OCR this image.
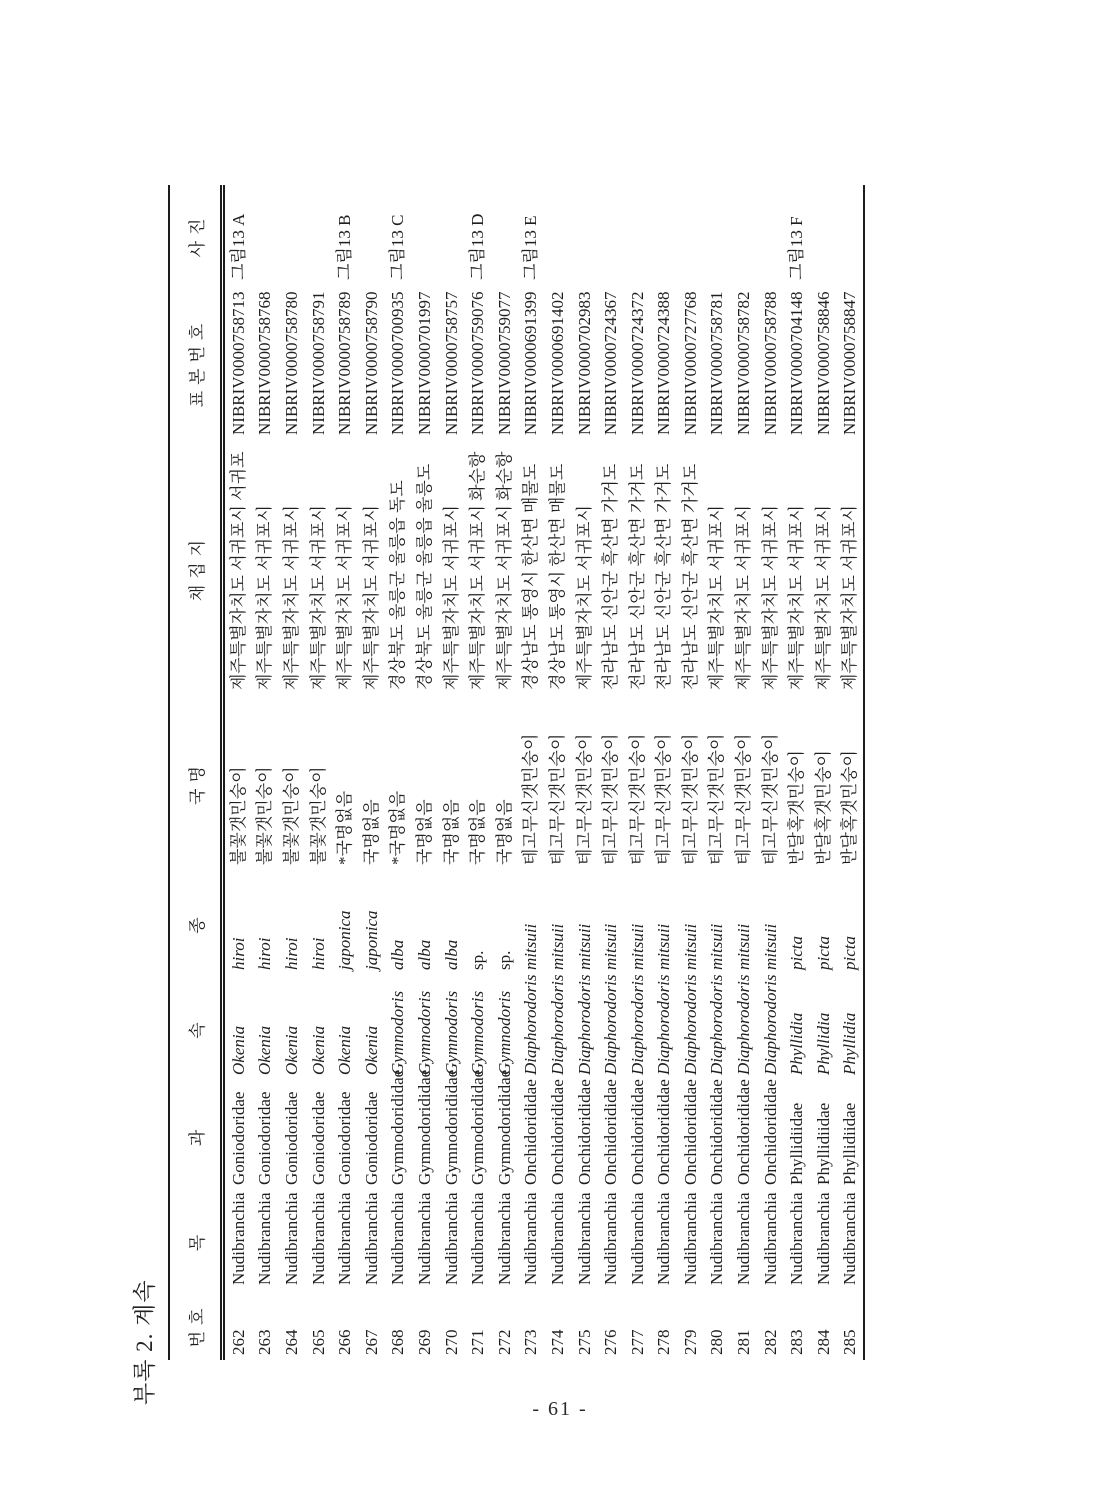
부록 2. 계속 번호	목	과	속	종	국명	채집지	표본번호	사진
262	Nudibranchia	Goniodoridae	Okenia	hiroi	불꽃갯민숭이	제주특별자치도 서귀포시 서귀포	NIBRIV0000758713	그림13 A
263	Nudibranchia	Goniodoridae	Okenia	hiroi	불꽃갯민숭이	제주특별자치도 서귀포시	NIBRIV0000758768	
264	Nudibranchia	Goniodoridae	Okenia	hiroi	불꽃갯민숭이	제주특별자치도 서귀포시	NIBRIV0000758780	
265	Nudibranchia	Goniodoridae	Okenia	hiroi	불꽃갯민숭이	제주특별자치도 서귀포시	NIBRIV0000758791	
266	Nudibranchia	Goniodoridae	Okenia	japonica	*국명없음	제주특별자치도 서귀포시	NIBRIV0000758789	그림13 B
267	Nudibranchia	Goniodoridae	Okenia	japonica	국명없음	제주특별자치도 서귀포시	NIBRIV0000758790	
268	Nudibranchia	Gymnodorididae	Gymnodoris	alba	*국명없음	경상북도 울릉군 울릉읍 독도	NIBRIV0000700935	그림13 C
269	Nudibranchia	Gymnodorididae	Gymnodoris	alba	국명없음	경상북도 울릉군 울릉읍 울릉도	NIBRIV0000701997	
270	Nudibranchia	Gymnodorididae	Gymnodoris	alba	국명없음	제주특별자치도 서귀포시	NIBRIV0000758757	
271	Nudibranchia	Gymnodorididae	Gymnodoris	sp.	국명없음	제주특별자치도 서귀포시 화순항	NIBRIV0000759076	그림13 D
272	Nudibranchia	Gymnodorididae	Gymnodoris	sp.	국명없음	제주특별자치도 서귀포시 화순항	NIBRIV0000759077	
273	Nudibranchia	Onchidorididae	Diaphorodoris	mitsuii	테고무신갯민숭이	경상남도 통영시 한산면 매물도	NIBRIV0000691399	그림13 E
274	Nudibranchia	Onchidorididae	Diaphorodoris	mitsuii	테고무신갯민숭이	경상남도 통영시 한산면 매물도	NIBRIV0000691402	
275	Nudibranchia	Onchidorididae	Diaphorodoris	mitsuii	테고무신갯민숭이	제주특별자치도 서귀포시	NIBRIV0000702983	
276	Nudibranchia	Onchidorididae	Diaphorodoris	mitsuii	테고무신갯민숭이	전라남도 신안군 흑산면 가거도	NIBRIV0000724367	
277	Nudibranchia	Onchidorididae	Diaphorodoris	mitsuii	테고무신갯민숭이	전라남도 신안군 흑산면 가거도	NIBRIV0000724372	
278	Nudibranchia	Onchidorididae	Diaphorodoris	mitsuii	테고무신갯민숭이	전라남도 신안군 흑산면 가거도	NIBRIV0000724388	
279	Nudibranchia	Onchidorididae	Diaphorodoris	mitsuii	테고무신갯민숭이	전라남도 신안군 흑산면 가거도	NIBRIV0000727768	
280	Nudibranchia	Onchidorididae	Diaphorodoris	mitsuii	테고무신갯민숭이	제주특별자치도 서귀포시	NIBRIV0000758781	
281	Nudibranchia	Onchidorididae	Diaphorodoris	mitsuii	테고무신갯민숭이	제주특별자치도 서귀포시	NIBRIV0000758782	
282	Nudibranchia	Onchidorididae	Diaphorodoris	mitsuii	테고무신갯민숭이	제주특별자치도 서귀포시	NIBRIV0000758788	
283	Nudibranchia	Phyllidiidae	Phyllidia	picta	반달혹갯민숭이	제주특별자치도 서귀포시	NIBRIV0000704148	그림13 F
284	Nudibranchia	Phyllidiidae	Phyllidia	picta	반달혹갯민숭이	제주특별자치도 서귀포시	NIBRIV0000758846	
285	Nudibranchia	Phyllidiidae	Phyllidia	picta	반달혹갯민숭이	제주특별자치도 서귀포시	NIBRIV0000758847	
- 61 -
